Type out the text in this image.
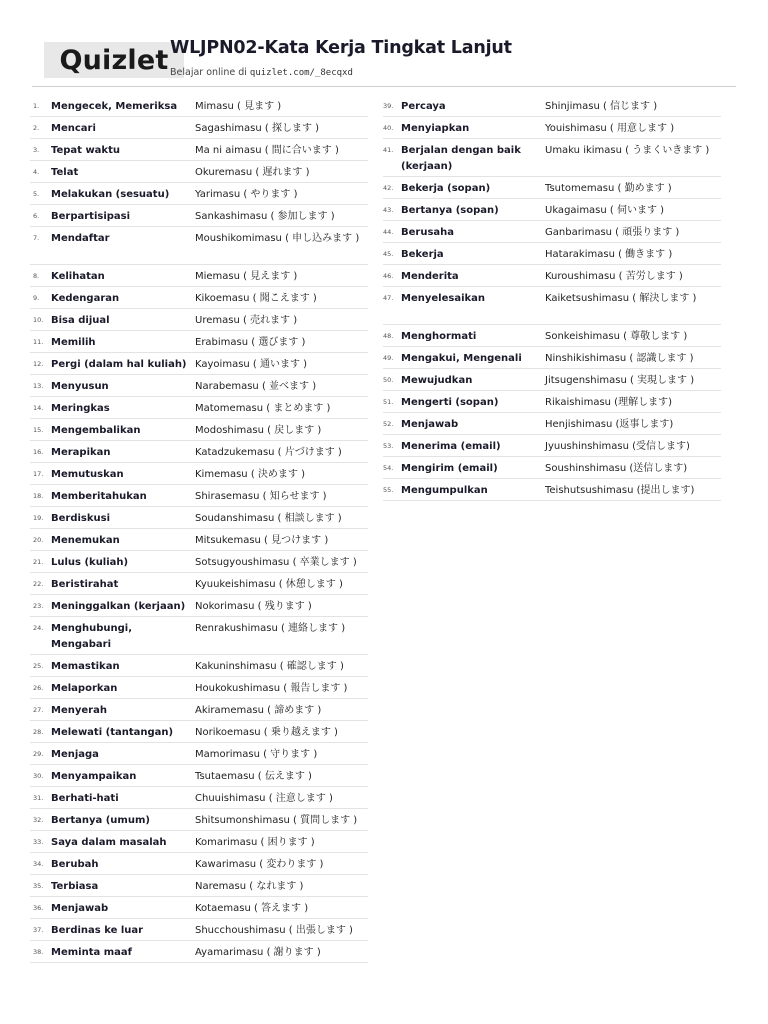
Quizlet WLJPN02-Kata Kerja Tingkat Lanjut
Belajar online di quizlet.com/_8ecqxd
1.	Mengecek, Memeriksa	Mimasu ( 見ます )
2.	Mencari	Sagashimasu ( 探します )
3.	Tepat waktu	Ma ni aimasu ( 間に合います )
4.	Telat	Okuremasu ( 遅れます )
5.	Melakukan (sesuatu)	Yarimasu ( やります )
6.	Berpartisipasi	Sankashimasu ( 参加します )
7.	Mendaftar	Moushikomimasu ( 申し込みます )
8.	Kelihatan	Miemasu ( 見えます )
9.	Kedengaran	Kikoemasu ( 聞こえます )
10. Bisa dijual	Uremasu ( 売れます )
11. Memilih	Erabimasu ( 選びます )
12. Pergi (dalam hal kuliah) Kayoimasu ( 通います )
13. Menyusun	Narabemasu ( 並べます )
14. Meringkas	Matomemasu ( まとめます )
15. Mengembalikan	Modoshimasu ( 戻します )
16. Merapikan	Katadzukemasu ( 片づけます )
17. Memutuskan	Kimemasu ( 決めます )
18. Memberitahukan	Shirasemasu ( 知らせます )
19. Berdiskusi	Soudanshimasu ( 相談します )
20. Menemukan	Mitsukemasu ( 見つけます )
21. Lulus (kuliah)	Sotsugyoushimasu ( 卒業します )
22. Beristirahat	Kyuukeishimasu ( 休憩します )
23. Meninggalkan (kerjaan) Nokorimasu ( 残ります )
24. Menghubungi, Mengabari
Renrakushimasu ( 連絡します )
25. Memastikan	Kakuninshimasu ( 確認します )
26. Melaporkan	Houkokushimasu ( 報告します )
27. Menyerah	Akiramemasu ( 諦めます )
28. Melewati (tantangan)	Norikoemasu ( 乗り越えます )
29. Menjaga	Mamorimasu ( 守ります )
30. Menyampaikan	Tsutaemasu ( 伝えます )
31. Berhati-hati	Chuuishimasu ( 注意します )
32. Bertanya (umum)	Shitsumonshimasu ( 質問します )
33. Saya dalam masalah	Komarimasu ( 困ります )
34. Berubah	Kawarimasu ( 変わります )
35. Terbiasa	Naremasu ( なれます )
36. Menjawab	Kotaemasu ( 答えます )
37. Berdinas ke luar	Shucchoushimasu ( 出張します )
38. Meminta maaf	Ayamarimasu ( 謝ります )
39. Percaya	Shinjimasu ( 信じます )
40. Menyiapkan	Youishimasu ( 用意します )
41. Berjalan dengan baik (kerjaan)
Umaku ikimasu ( うまくいきます )
42. Bekerja (sopan)	Tsutomemasu ( 勤めます )
43. Bertanya (sopan)	Ukagaimasu ( 伺います )
44. Berusaha	Ganbarimasu ( 頑張ります )
45. Bekerja	Hatarakimasu ( 働きます )
46. Menderita	Kuroushimasu ( 苦労します )
47. Menyelesaikan	Kaiketsushimasu ( 解決します )
48. Menghormati	Sonkeishimasu ( 尊敬します )
49. Mengakui, Mengenali	Ninshikishimasu ( 認識します )
50. Mewujudkan	Jitsugenshimasu ( 実現します )
51. Mengerti (sopan)	Rikaishimasu (理解します)
52. Menjawab	Henjishimasu (返事します)
53. Menerima (email)	Jyuushinshimasu (受信します)
54. Mengirim (email)	Soushinshimasu (送信します)
55. Mengumpulkan	Teishutsushimasu (提出します)
